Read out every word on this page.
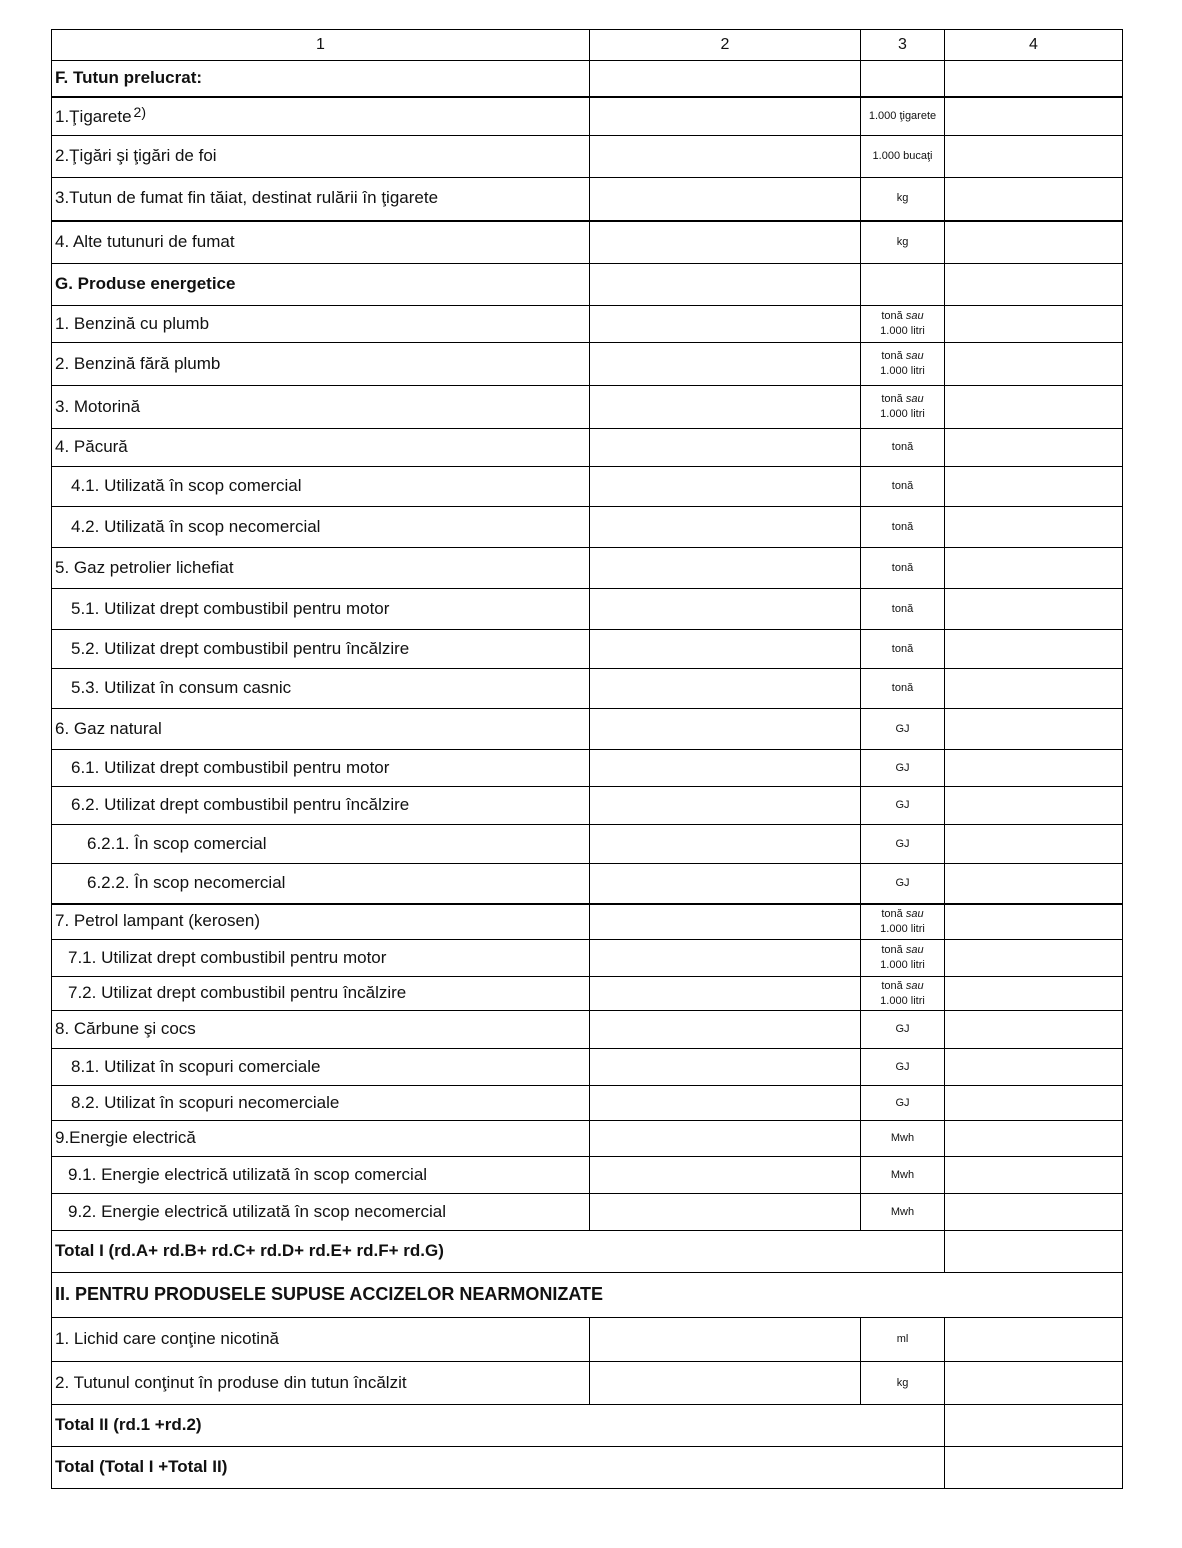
1	2	3	4
F. Tutun prelucrat:			
1.Ţigarete $^{2)}$		1.000 ţigarete	

2.Ţigări şi ţigări de foi		1.000 bucaţi	

3.Tutun de fumat fin tăiat, destinat rulării în ţigarete		kg	

4. Alte tutunuri de fumat		kg	

G. Produse energetice			
1. Benzină cu plumb		tonă sau
1.000 litri	

2. Benzină fără plumb		tonă sau
1.000 litri	

3. Motorină		tonă sau
1.000 litri	

4. Păcură		tonă	

4.1. Utilizată în scop comercial		tonă	

4.2. Utilizată în scop necomercial		tonă	

5. Gaz petrolier lichefiat		tonă	

5.1. Utilizat drept combustibil pentru motor		tonă	

5.2. Utilizat drept combustibil pentru încălzire		tonă	

5.3. Utilizat în consum casnic		tonă	

6. Gaz natural		GJ	

6.1. Utilizat drept combustibil pentru motor		GJ	

6.2. Utilizat drept combustibil pentru încălzire		GJ	

6.2.1. În scop comercial		GJ	

6.2.2. În scop necomercial		GJ	

7. Petrol lampant (kerosen)		tonă sau
1.000 litri	

7.1. Utilizat drept combustibil pentru motor		tonă sau
1.000 litri	

7.2. Utilizat drept combustibil pentru încălzire		tonă sau
1.000 litri	

8. Cărbune şi cocs		GJ	

8.1. Utilizat în scopuri comerciale		GJ	

8.2. Utilizat în scopuri necomerciale		GJ	

9.Energie electrică		Mwh	

9.1. Energie electrică utilizată în scop comercial		Mwh	

9.2. Energie electrică utilizată în scop necomercial		Mwh	

Total I (rd.A+ rd.B+ rd.C+ rd.D+ rd.E+ rd.F+ rd.G)			
II. PENTRU PRODUSELE SUPUSE ACCIZELOR NEARMONIZATE			
1. Lichid care conţine nicotină		ml	

2. Tutunul conţinut în produse din tutun încălzit		kg	

Total II (rd.1 +rd.2)			
Total (Total I +Total II)			
